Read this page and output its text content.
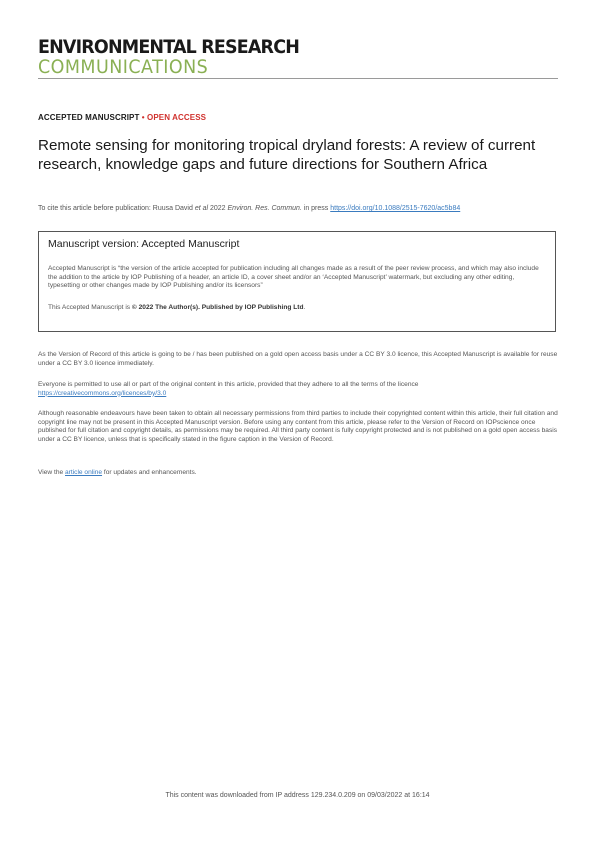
ENVIRONMENTAL RESEARCH
COMMUNICATIONS
ACCEPTED MANUSCRIPT • OPEN ACCESS
Remote sensing for monitoring tropical dryland forests: A review of current research, knowledge gaps and future directions for Southern Africa
To cite this article before publication: Ruusa David et al 2022 Environ. Res. Commun. in press https://doi.org/10.1088/2515-7620/ac5b84
Manuscript version: Accepted Manuscript
Accepted Manuscript is “the version of the article accepted for publication including all changes made as a result of the peer review process, and which may also include the addition to the article by IOP Publishing of a header, an article ID, a cover sheet and/or an ‘Accepted Manuscript’ watermark, but excluding any other editing, typesetting or other changes made by IOP Publishing and/or its licensors”
This Accepted Manuscript is © 2022 The Author(s). Published by IOP Publishing Ltd.
As the Version of Record of this article is going to be / has been published on a gold open access basis under a CC BY 3.0 licence, this Accepted Manuscript is available for reuse under a CC BY 3.0 licence immediately.
Everyone is permitted to use all or part of the original content in this article, provided that they adhere to all the terms of the licence
https://creativecommons.org/licences/by/3.0
Although reasonable endeavours have been taken to obtain all necessary permissions from third parties to include their copyrighted content within this article, their full citation and copyright line may not be present in this Accepted Manuscript version. Before using any content from this article, please refer to the Version of Record on IOPscience once published for full citation and copyright details, as permissions may be required. All third party content is fully copyright protected and is not published on a gold open access basis under a CC BY licence, unless that is specifically stated in the figure caption in the Version of Record.
View the article online for updates and enhancements.
This content was downloaded from IP address 129.234.0.209 on 09/03/2022 at 16:14
